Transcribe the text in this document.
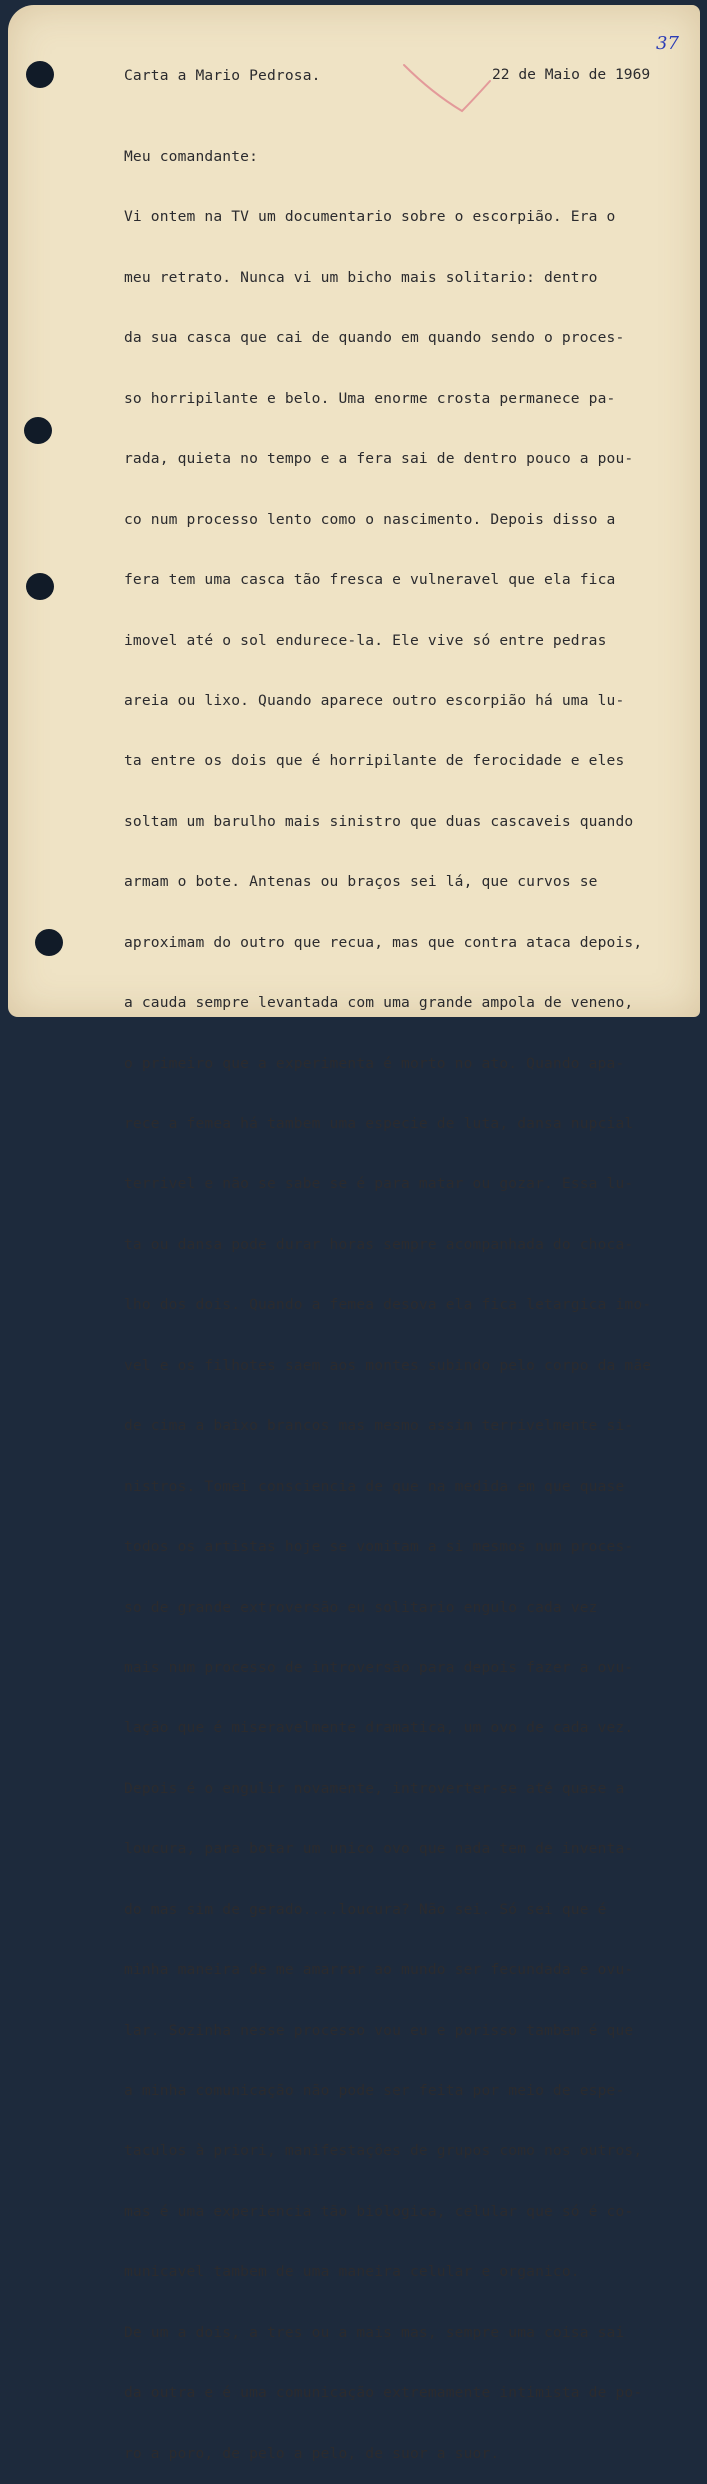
37
Carta a Mario Pedrosa.	22 de Maio de 1969

Meu comandante:

Vi ontem na TV um documentario sobre o escorpião. Era o

meu retrato. Nunca vi um bicho mais solitario: dentro

da sua casca que cai de quando em quando sendo o proces-

so horripilante e belo. Uma enorme crosta permanece pa-

rada, quieta no tempo e a fera sai de dentro pouco a pou-

co num processo lento como o nascimento. Depois disso a

fera tem uma casca tão fresca e vulneravel que ela fica

imovel até o sol endurece-la. Ele vive só entre pedras

areia ou lixo. Quando aparece outro escorpião há uma lu-

ta entre os dois que é horripilante de ferocidade e eles

soltam um barulho mais sinistro que duas cascaveis quando

armam o bote. Antenas ou braços sei lá, que curvos se

aproximam do outro que recua, mas que contra ataca depois,

a cauda sempre levantada com uma grande ampola de veneno,

o primeiro que a experimenta é morto no ato. Quando apa-

rece a femea há tambem uma especie de luta, dansa nupcial

terrivel e não se sabe se é para matar ou gozar. Essa lu-

ta ou dansa pode durar horas sempre acompanhada do choca-

lho dos dois. Quando a femea desova ela fica letargica imo-

vel e os filhotes saem aos montes subindo pelo corpo da mãe

de cima a baixo brancos mas mesmo assim terrivelmente si-

nistros. Tomei consciencia de que na medida em que quase

todos os artistas hoje se vomitam a si mesmos num proces-

so de grande extroversão eu solitario engulo cada vez

mais num processo de introversão para depois fazer a ovu-

lação que é miseravelmente dramatica, um ovo de cada vez.

Depois é o engulir novamente, introverter-se até quase a

loucura, para botar um unico ovo que nada tem de inventa-

do mas sim de gerado....loucura? Não sei. Só sei que é

minha maneira de me amarrar ao mundo ser fecundada e ovu-

lar. Sozinha nesse processo vou eu e porisso tambem é que

a minha comunicação não pode ser feita por meio de espe-

taculos à priori, manifestações de grupos como nos outros,

mas é uma experiencia tão biologica, celular que só é co-

municavel tambem de uma maneira celular e organico.

De um a dois, a tres ou a mais mas, sempre uma coisa sai

da outra e é uma comunicação extremamente intimista de po-

ro a poro, de pelo a pelo, de suor a suor.
